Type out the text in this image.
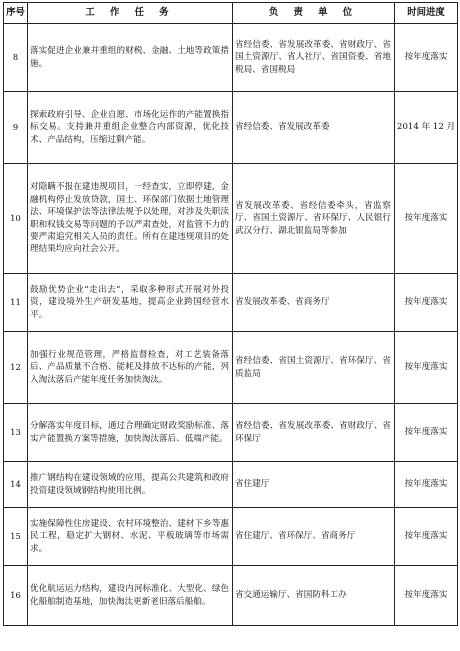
序号	工 作 任 务	负 责 单 位	时间进度
8	落实促进企业兼并重组的财税、金融、土地等政策措施。	省经信委、省发展改革委、省财政厅、省国土资源厅、省人社厅、省国资委、省地税局、省国税局	按年度落实
9	探索政府引导、企业自愿、市场化运作的产能置换指标交易。支持兼并重组企业整合内部资源，优化技术、产品结构，压缩过剩产能。	省经信委、省发展改革委	2014 年 12 月
10	对隐瞒不报在建违规项目，一经查实，立即停建，金融机构停止发放贷款，国土、环保部门依据土地管理法、环境保护法等法律法规予以处理，对涉及失职渎职和权钱交易等问题的予以严肃查处，对监管不力的要严肃追究相关人员的责任。所有在建违规项目的处理结果均应向社会公开。	省发展改革委、省经信委牵头，省监察厅、省国土资源厅、省环保厅、人民银行武汉分行、湖北银监局等参加	按年度落实
11	鼓励优势企业“走出去”，采取多种形式开展对外投资，建设境外生产研发基地，提高企业跨国经营水平。	省发展改革委、省商务厅	按年度落实
12	加强行业规范管理，严格监督检查，对工艺装备落后、产品质量不合格、能耗及排放不达标的产能，列入淘汰落后产能年度任务加快淘汰。	省经信委、省国土资源厅、省环保厅、省质监局	按年度落实
13	分解落实年度目标，通过合理确定财政奖励标准、落实产能置换方案等措施，加快淘汰落后、低端产能。	省经信委、省发展改革委、省财政厅、省环保厅	按年度落实
14	推广钢结构在建设领域的应用，提高公共建筑和政府投资建设领域钢结构使用比例。	省住建厅	按年度落实
15	实施保障性住房建设、农村环境整治、建材下乡等惠民工程，稳定扩大钢材、水泥、平板玻璃等市场需求。	省住建厅、省环保厅、省商务厅	按年度落实
16	优化航运运力结构，建设内河标准化、大型化、绿色化船舶制造基地，加快淘汰更新老旧落后船舶。	省交通运输厅、省国防科工办	按年度落实
